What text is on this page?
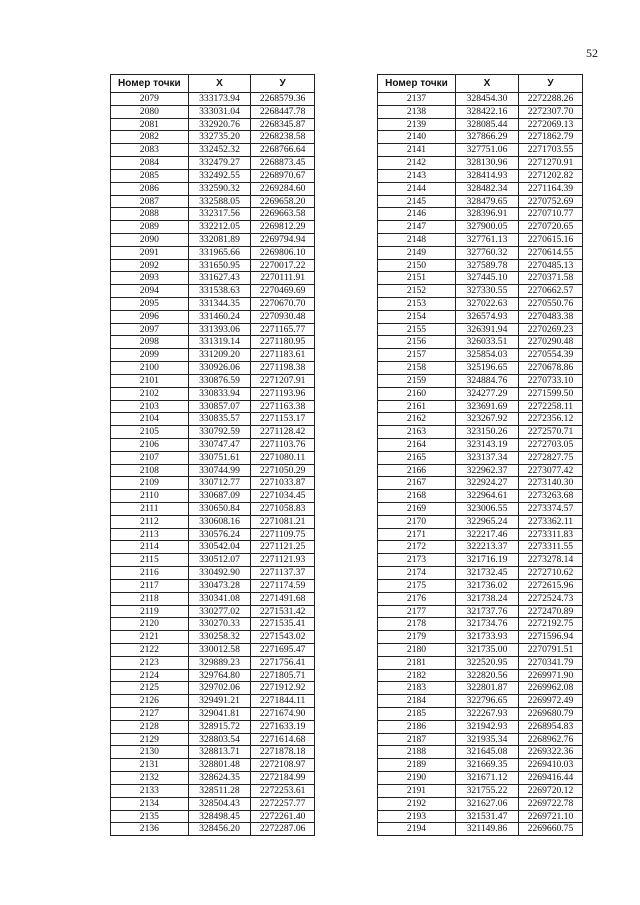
52
Номер точки	X	У
2079	333173.94	2268579.36
2080	333031.04	2268447.78
2081	332920.76	2268345.87
2082	332735.20	2268238.58
2083	332452.32	2268766.64
2084	332479.27	2268873.45
2085	332492.55	2268970.67
2086	332590.32	2269284.60
2087	332588.05	2269658.20
2088	332317.56	2269663.58
2089	332212.05	2269812.29
2090	332081.89	2269794.94
2091	331965.66	2269806.10
2092	331650.95	2270017.22
2093	331627.43	2270111.91
2094	331538.63	2270469.69
2095	331344.35	2270670.70
2096	331460.24	2270930.48
2097	331393.06	2271165.77
2098	331319.14	2271180.95
2099	331209.20	2271183.61
2100	330926.06	2271198.38
2101	330876.59	2271207.91
2102	330833.94	2271193.96
2103	330857.07	2271163.38
2104	330835.57	2271153.17
2105	330792.59	2271128.42
2106	330747.47	2271103.76
2107	330751.61	2271080.11
2108	330744.99	2271050.29
2109	330712.77	2271033.87
2110	330687.09	2271034.45
2111	330650.84	2271058.83
2112	330608.16	2271081.21
2113	330576.24	2271109.75
2114	330542.04	2271121.25
2115	330512.07	2271121.93
2116	330492.90	2271137.37
2117	330473.28	2271174.59
2118	330341.08	2271491.68
2119	330277.02	2271531.42
2120	330270.33	2271535.41
2121	330258.32	2271543.02
2122	330012.58	2271695.47
2123	329889.23	2271756.41
2124	329764.80	2271805.71
2125	329702.06	2271912.92
2126	329491.21	2271844.11
2127	329041.81	2271674.90
2128	328915.72	2271633.19
2129	328803.54	2271614.68
2130	328813.71	2271878.18
2131	328801.48	2272108.97
2132	328624.35	2272184.99
2133	328511.28	2272253.61
2134	328504.43	2272257.77
2135	328498.45	2272261.40
2136	328456.20	2272287.06
Номер точки	X	У
2137	328454.30	2272288.26
2138	328422.16	2272307.70
2139	328085.44	2272069.13
2140	327866.29	2271862.79
2141	327751.06	2271703.55
2142	328130.96	2271270.91
2143	328414.93	2271202.82
2144	328482.34	2271164.39
2145	328479.65	2270752.69
2146	328396.91	2270710.77
2147	327900.05	2270720.65
2148	327761.13	2270615.16
2149	327760.32	2270614.55
2150	327589.78	2270485.13
2151	327445.10	2270371.58
2152	327330.55	2270662.57
2153	327022.63	2270550.76
2154	326574.93	2270483.38
2155	326391.94	2270269.23
2156	326033.51	2270290.48
2157	325854.03	2270554.39
2158	325196.65	2270678.86
2159	324884.76	2270733.10
2160	324277.29	2271599.50
2161	323691.69	2272258.11
2162	323267.92	2272356.12
2163	323150.26	2272570.71
2164	323143.19	2272703.05
2165	323137.34	2272827.75
2166	322962.37	2273077.42
2167	322924.27	2273140.30
2168	322964.61	2273263.68
2169	323006.55	2273374.57
2170	322965.24	2273362.11
2171	322217.46	2273311.83
2172	322213.37	2273311.55
2173	321716.19	2273278.14
2174	321732.45	2272710.62
2175	321736.02	2272615.96
2176	321738.24	2272524.73
2177	321737.76	2272470.89
2178	321734.76	2272192.75
2179	321733.93	2271596.94
2180	321735.00	2270791.51
2181	322520.95	2270341.79
2182	322820.56	2269971.90
2183	322801.87	2269962.08
2184	322796.65	2269972.49
2185	322267.93	2269680.79
2186	321942.93	2268954.83
2187	321935.34	2268962.76
2188	321645.08	2269322.36
2189	321669.35	2269410.03
2190	321671.12	2269416.44
2191	321755.22	2269720.12
2192	321627.06	2269722.78
2193	321531.47	2269721.10
2194	321149.86	2269660.75
